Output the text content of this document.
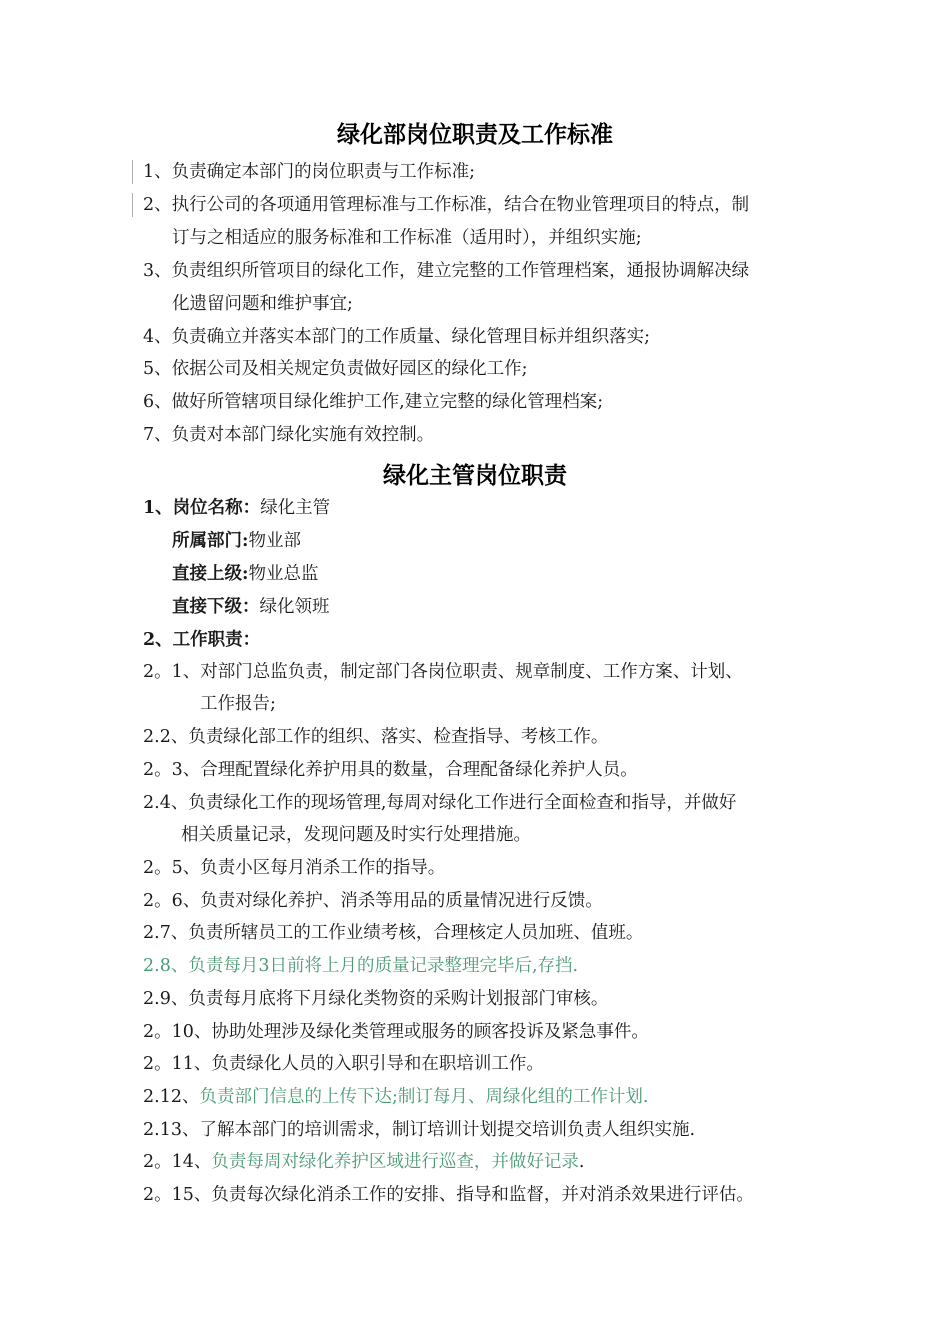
绿化部岗位职责及工作标准
1、负责确定本部门的岗位职责与工作标准;
2、执行公司的各项通用管理标准与工作标准，结合在物业管理项目的特点，制
订与之相适应的服务标准和工作标准（适用时），并组织实施;
3、负责组织所管项目的绿化工作，建立完整的工作管理档案，通报协调解决绿
化遗留问题和维护事宜;
4、负责确立并落实本部门的工作质量、绿化管理目标并组织落实;
5、依据公司及相关规定负责做好园区的绿化工作;
6、做好所管辖项目绿化维护工作,建立完整的绿化管理档案;
7、负责对本部门绿化实施有效控制。
绿化主管岗位职责
1、岗位名称：绿化主管
所属部门:物业部
直接上级:物业总监
直接下级：绿化领班
2、工作职责：
2。1、对部门总监负责，制定部门各岗位职责、规章制度、工作方案、计划、
工作报告;
2.2、负责绿化部工作的组织、落实、检查指导、考核工作。
2。3、合理配置绿化养护用具的数量，合理配备绿化养护人员。
2.4、负责绿化工作的现场管理,每周对绿化工作进行全面检查和指导，并做好
相关质量记录，发现问题及时实行处理措施。
2。5、负责小区每月消杀工作的指导。
2。6、负责对绿化养护、消杀等用品的质量情况进行反馈。
2.7、负责所辖员工的工作业绩考核，合理核定人员加班、值班。
2.8、负责每月3日前将上月的质量记录整理完毕后,存挡.
2.9、负责每月底将下月绿化类物资的采购计划报部门审核。
2。10、协助处理涉及绿化类管理或服务的顾客投诉及紧急事件。
2。11、负责绿化人员的入职引导和在职培训工作。
2.12、负责部门信息的上传下达;制订每月、周绿化组的工作计划.
2.13、了解本部门的培训需求，制订培训计划提交培训负责人组织实施.
2。14、负责每周对绿化养护区域进行巡查，并做好记录.
2。15、负责每次绿化消杀工作的安排、指导和监督，并对消杀效果进行评估。
